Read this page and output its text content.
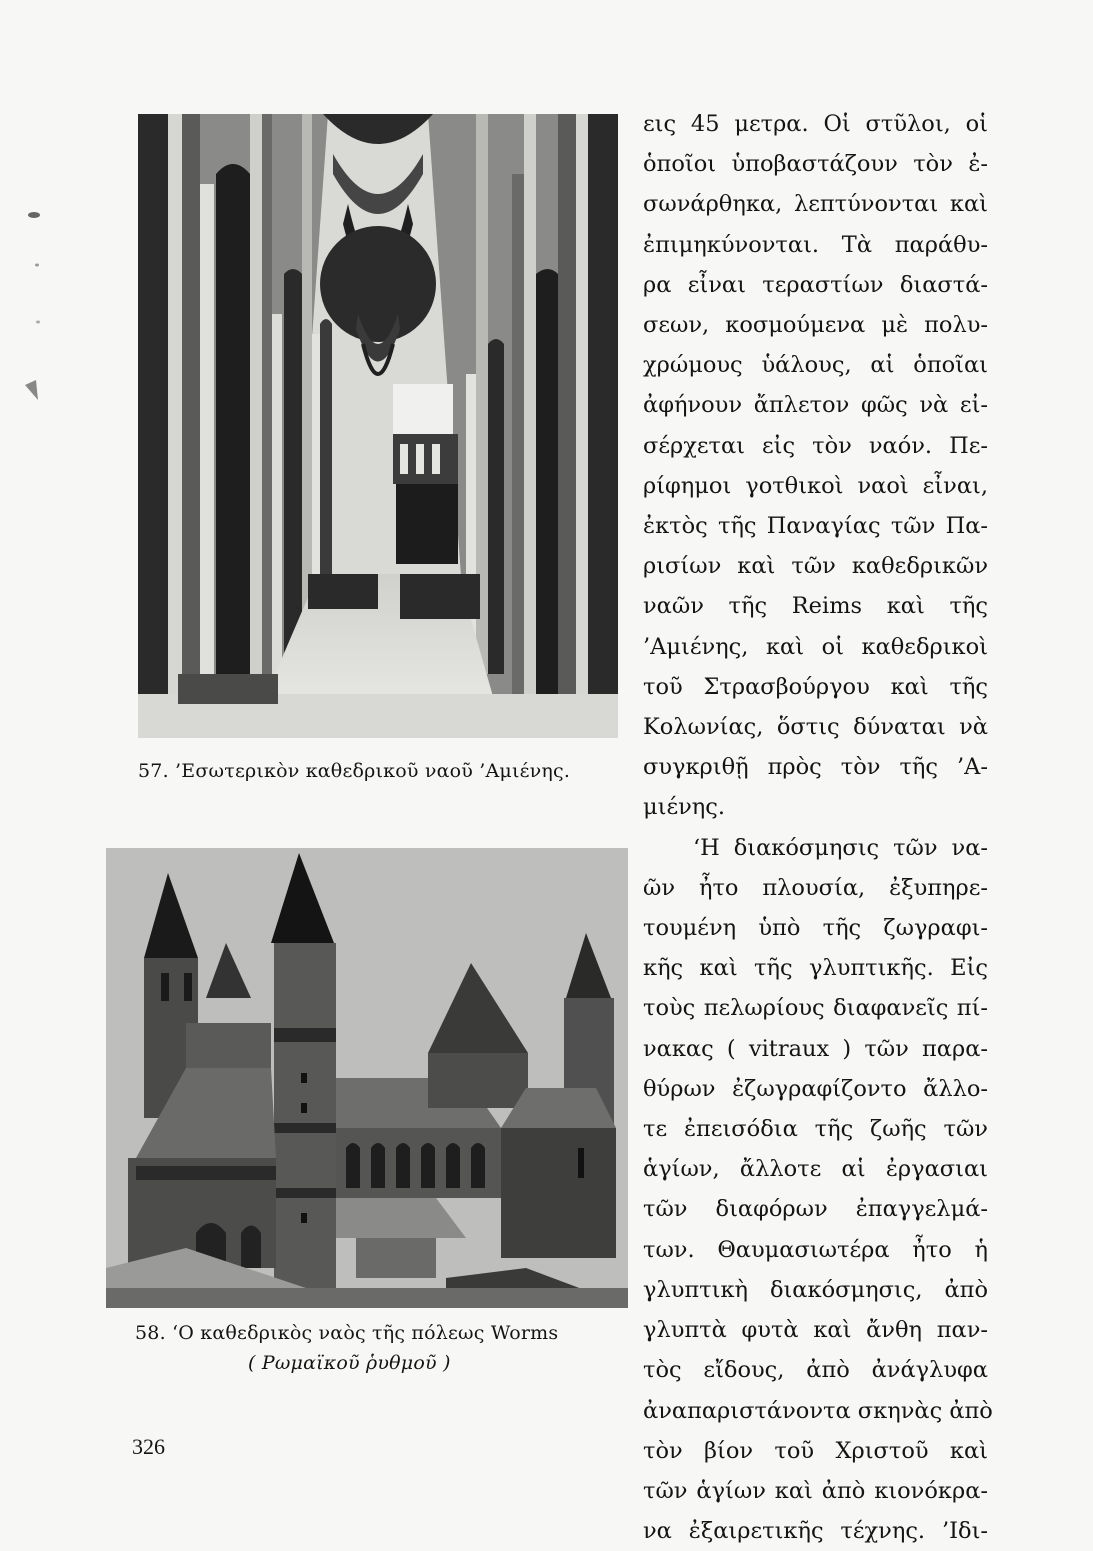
57. ’Εσωτερικὸν καθεδρικοῦ ναοῦ ’Αμιένης.
58. ‘Ο καθεδρικὸς ναὸς τῆς πόλεως Worms
( Ρωμαϊκοῦ ῥυθμοῦ )
εις 45 μετρα. Οἱ στῦλοι, οἱ
ὁποῖοι ὑποβαστάζουν τὸν ἐ-
σωνάρθηκα, λεπτύνονται καὶ
ἐπιμηκύνονται. Τὰ παράθυ-
ρα εἶναι τεραστίων διαστά-
σεων, κοσμούμενα μὲ πολυ-
χρώμους ὑάλους, αἱ ὁποῖαι
ἀφήνουν ἄπλετον φῶς νὰ εἰ-
σέρχεται εἰς τὸν ναόν. Πε-
ρίφημοι γοτθικοὶ ναοὶ εἶναι,
ἐκτὸς τῆς Παναγίας τῶν Πα-
ρισίων καὶ τῶν καθεδρικῶν
ναῶν τῆς Reims καὶ τῆς
’Αμιένης, καὶ οἱ καθεδρικοὶ
τοῦ Στρασβούργου καὶ τῆς
Κολωνίας, ὅστις δύναται νὰ
συγκριθῇ πρὸς τὸν τῆς ’Α-
μιένης.
‘Η διακόσμησις τῶν να-
ῶν ἦτο πλουσία, ἐξυπηρε-
τουμένη ὑπὸ τῆς ζωγραφι-
κῆς καὶ τῆς γλυπτικῆς. Εἰς
τοὺς πελωρίους διαφανεῖς πί-
νακας ( vitraux ) τῶν παρα-
θύρων ἐζωγραφίζοντο ἄλλο-
τε ἐπεισόδια τῆς ζωῆς τῶν
ἁγίων, ἄλλοτε αἱ ἐργασιαι
τῶν διαφόρων ἐπαγγελμά-
των. Θαυμασιωτέρα ἦτο ἡ
γλυπτικὴ διακόσμησις, ἀπὸ
γλυπτὰ φυτὰ καὶ ἄνθη παν-
τὸς εἴδους, ἀπὸ ἀνάγλυφα
ἀναπαριστάνοντα σκηνὰς ἀπὸ
τὸν βίον τοῦ Χριστοῦ καὶ
τῶν ἁγίων καὶ ἀπὸ κιονόκρα-
να ἐξαιρετικῆς τέχνης. ’Ιδι-
326
